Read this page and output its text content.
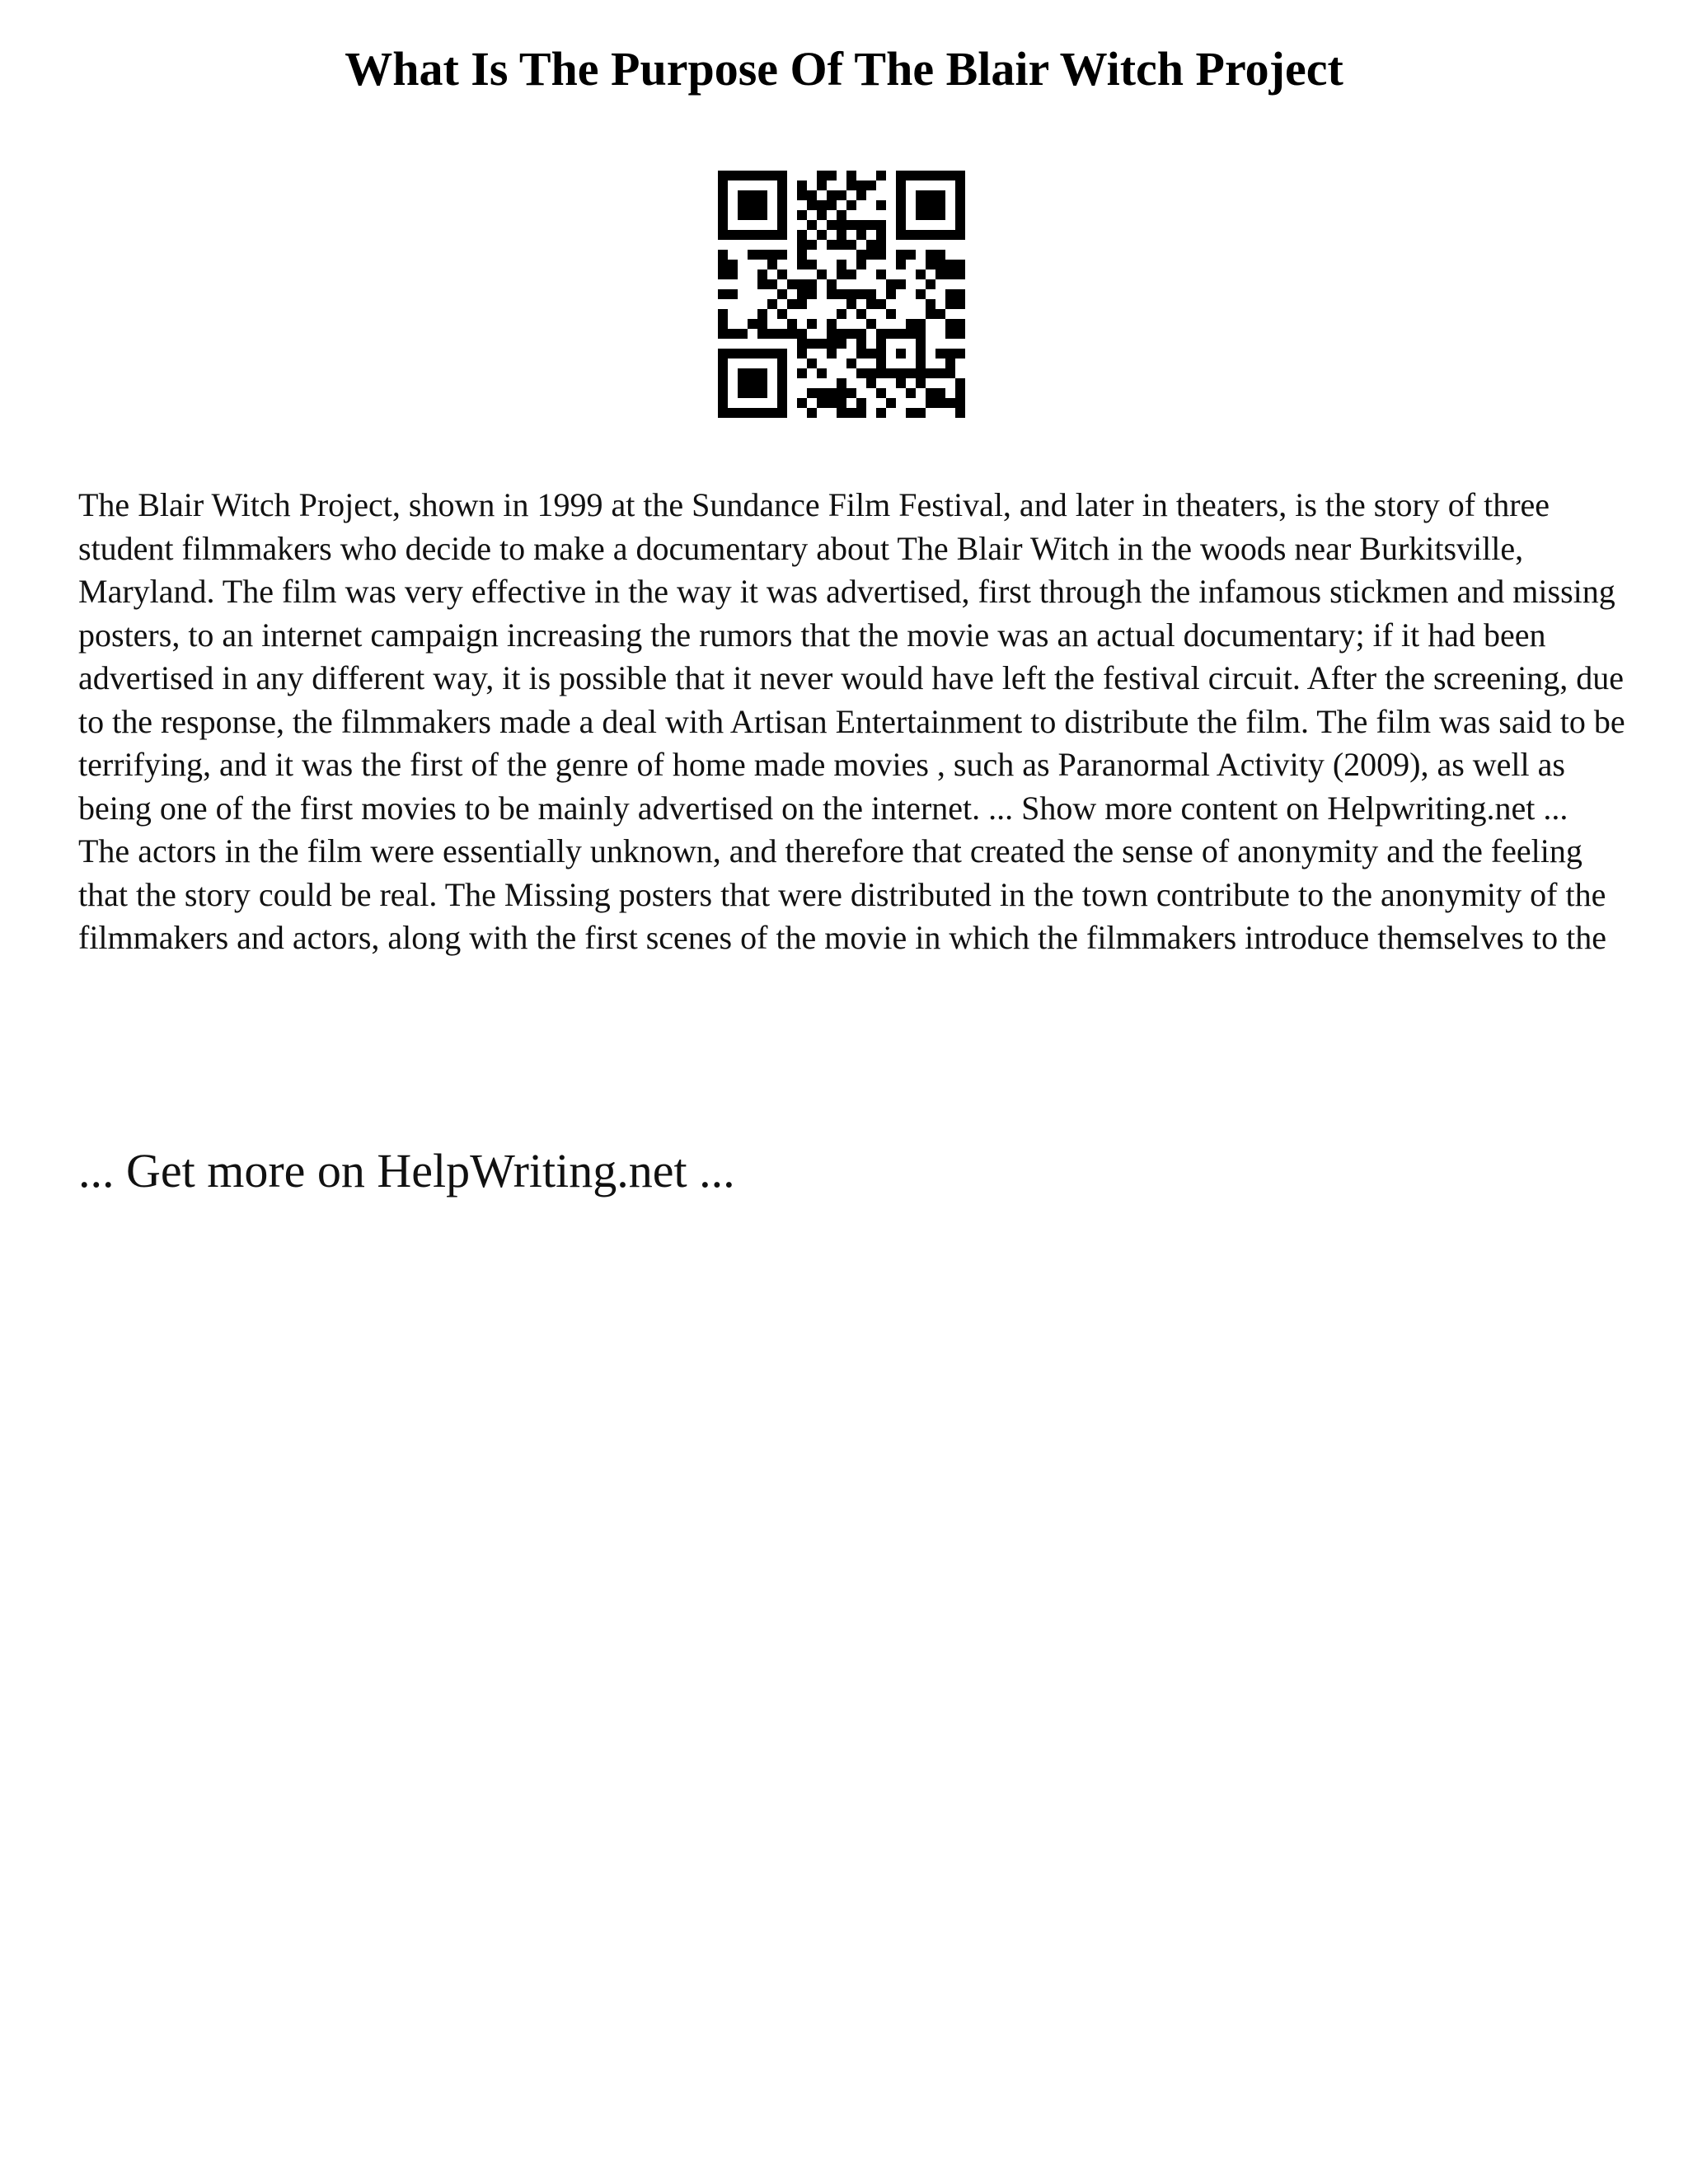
What Is The Purpose Of The Blair Witch Project

The Blair Witch Project, shown in 1999 at the Sundance Film Festival, and later in theaters, is the story of three student filmmakers who decide to make a documentary about The Blair Witch in the woods near Burkitsville, Maryland. The film was very effective in the way it was advertised, first through the infamous stickmen and missing posters, to an internet campaign increasing the rumors that the movie was an actual documentary; if it had been advertised in any different way, it is possible that it never would have left the festival circuit. After the screening, due to the response, the filmmakers made a deal with Artisan Entertainment to distribute the film. The film was said to be terrifying, and it was the first of the genre of home made movies , such as Paranormal Activity (2009), as well as being one of the first movies to be mainly advertised on the internet. ... Show more content on Helpwriting.net ...

The actors in the film were essentially unknown, and therefore that created the sense of anonymity and the feeling that the story could be real. The Missing posters that were distributed in the town contribute to the anonymity of the filmmakers and actors, along with the first scenes of the movie in which the filmmakers introduce themselves to the

... Get more on HelpWriting.net ...
